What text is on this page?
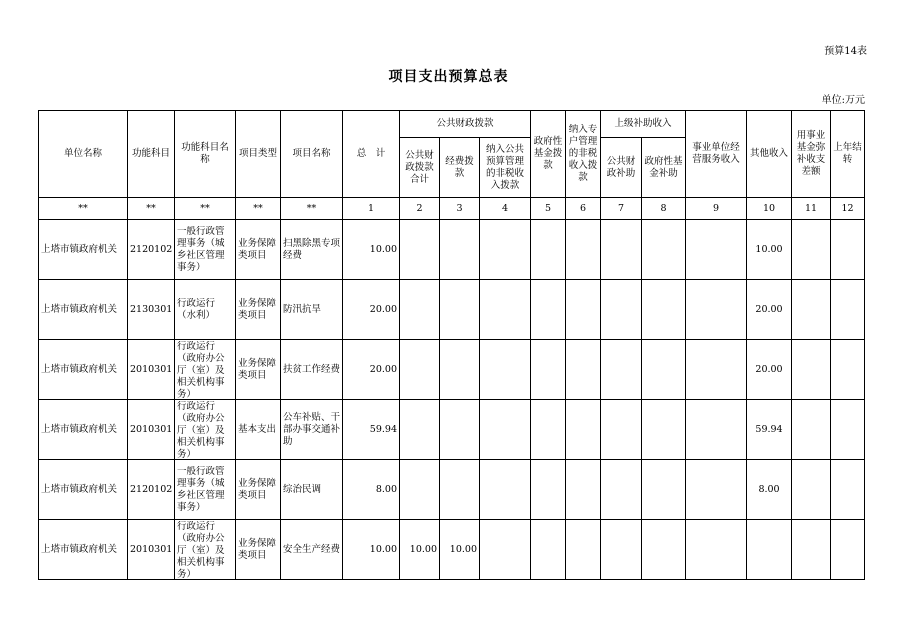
预算14表
项目支出预算总表
单位:万元
单位名称	功能科目	功能科目名称	项目类型	项目名称	总　计	公共财政拨款			政府性基金拨款	纳入专户管理的非税收入拨款	上级补助收入		事业单位经营服务收入	其他收入	用事业基金弥补收支差额	上年结转
						公共财政拨款合计	经费拨款	纳入公共预算管理的非税收入拨款			公共财政补助	政府性基金补助				
**	**	**	**	**	1	2	3	4	5	6	7	8	9	10	11	12
上塔市镇政府机关	2120102	一般行政管理事务（城乡社区管理事务）	业务保障类项目	扫黑除黑专项经费	10.00									10.00		
上塔市镇政府机关	2130301	行政运行（水利）	业务保障类项目	防汛抗旱	20.00									20.00		
上塔市镇政府机关	2010301	行政运行（政府办公厅（室）及相关机构事务）	业务保障类项目	扶贫工作经费	20.00									20.00		
上塔市镇政府机关	2010301	行政运行（政府办公厅（室）及相关机构事务）	基本支出	公车补贴、干部办事交通补助	59.94									59.94		
上塔市镇政府机关	2120102	一般行政管理事务（城乡社区管理事务）	业务保障类项目	综治民调	8.00									8.00		
上塔市镇政府机关	2010301	行政运行（政府办公厅（室）及相关机构事务）	业务保障类项目	安全生产经费	10.00	10.00	10.00									
